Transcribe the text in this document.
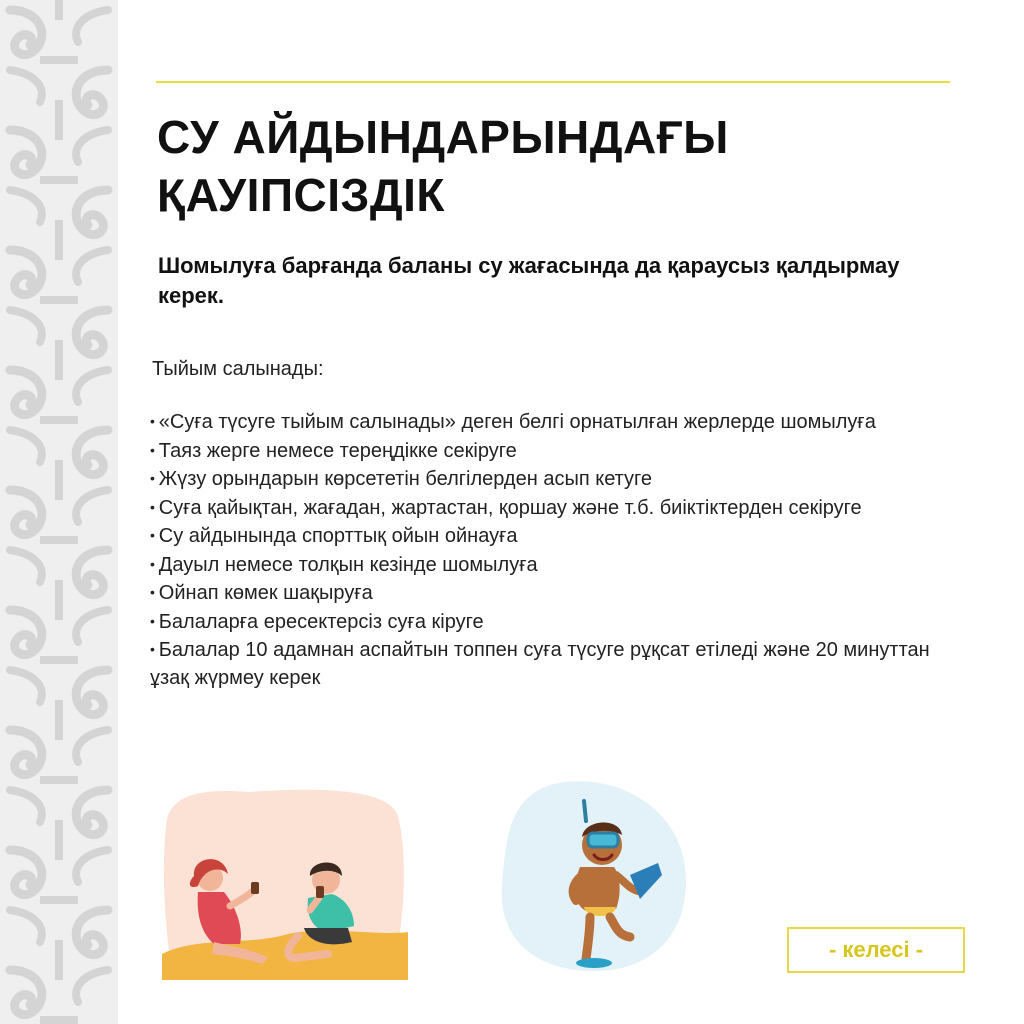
СУ АЙДЫНДАРЫНДАҒЫ
ҚАУІПСІЗДІК

Шомылуға барғанда баланы су жағасында да қараусыз қалдырмау керек.

Тыйым салынады:

• «Суға түсуге тыйым салынады» деген белгі орнатылған жерлерде шомылуға
• Таяз жерге немесе тереңдікке секіруге
• Жүзу орындарын көрсететін белгілерден асып кетуге
• Суға қайықтан, жағадан, жартастан, қоршау және т.б. биіктіктерден секіруге
• Су айдынында спорттық ойын ойнауға
• Дауыл немесе толқын кезінде шомылуға
• Ойнап көмек шақыруға
• Балаларға ересектерсіз суға кіруге
• Балалар 10 адамнан аспайтын топпен суға түсуге рұқсат етіледі және 20 минуттан ұзақ жүрмеу керек
- келесі -
